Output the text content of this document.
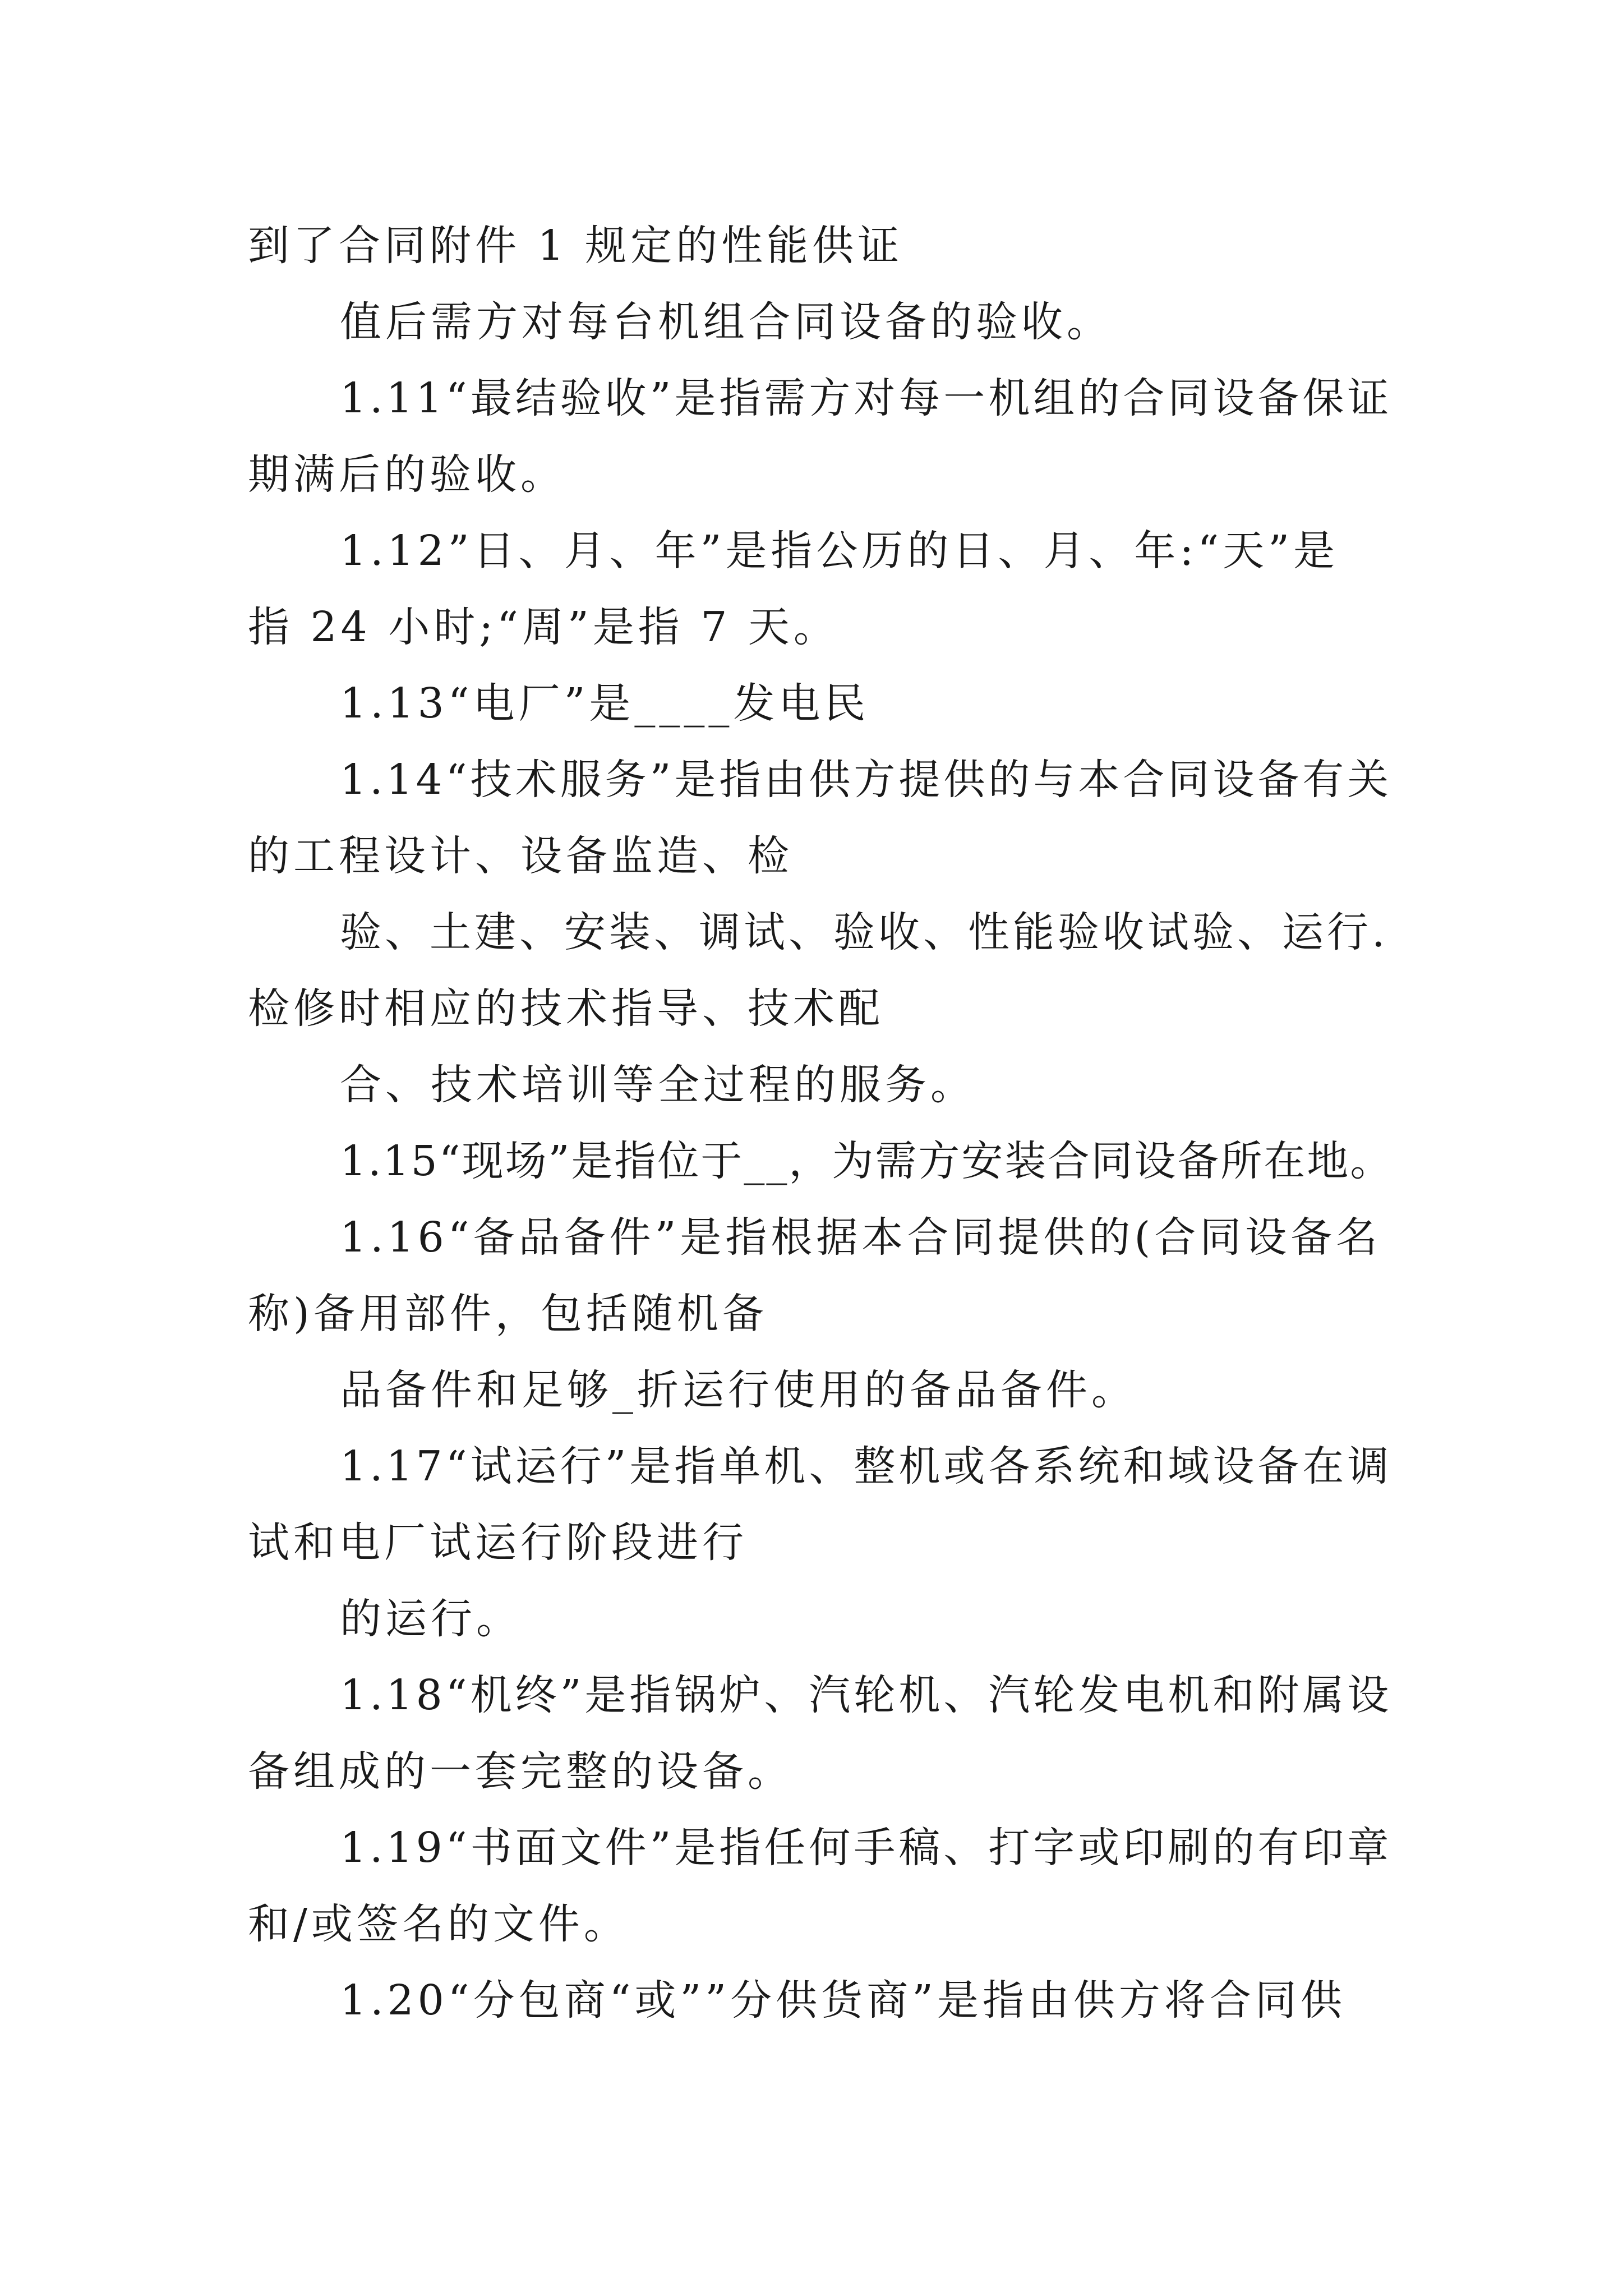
到了合同附件 1 规定的性能供证
值后需方对每台机组合同设备的验收。
1.11“最结验收”是指需方对每一机组的合同设备保证
期满后的验收。
1.12”日、月、年”是指公历的日、月、年:“天”是
指 24 小时;“周”是指 7 天。
1.13“电厂”是____发电民
1.14“技术服务”是指由供方提供的与本合同设备有关
的工程设计、设备监造、检
验、土建、安装、调试、验收、性能验收试验、运行.
检修时相应的技术指导、技术配
合、技术培训等全过程的服务。
1.15“现场”是指位于__，为需方安装合同设备所在地。
1.16“备品备件”是指根据本合同提供的(合同设备名
称)备用部件，包括随机备
品备件和足够_折运行使用的备品备件。
1.17“试运行”是指单机、整机或各系统和域设备在调
试和电厂试运行阶段进行
的运行。
1.18“机终”是指锅炉、汽轮机、汽轮发电机和附属设
备组成的一套完整的设备。
1.19“书面文件”是指任何手稿、打字或印刷的有印章
和/或签名的文件。
1.20“分包商“或””分供货商”是指由供方将合同供
